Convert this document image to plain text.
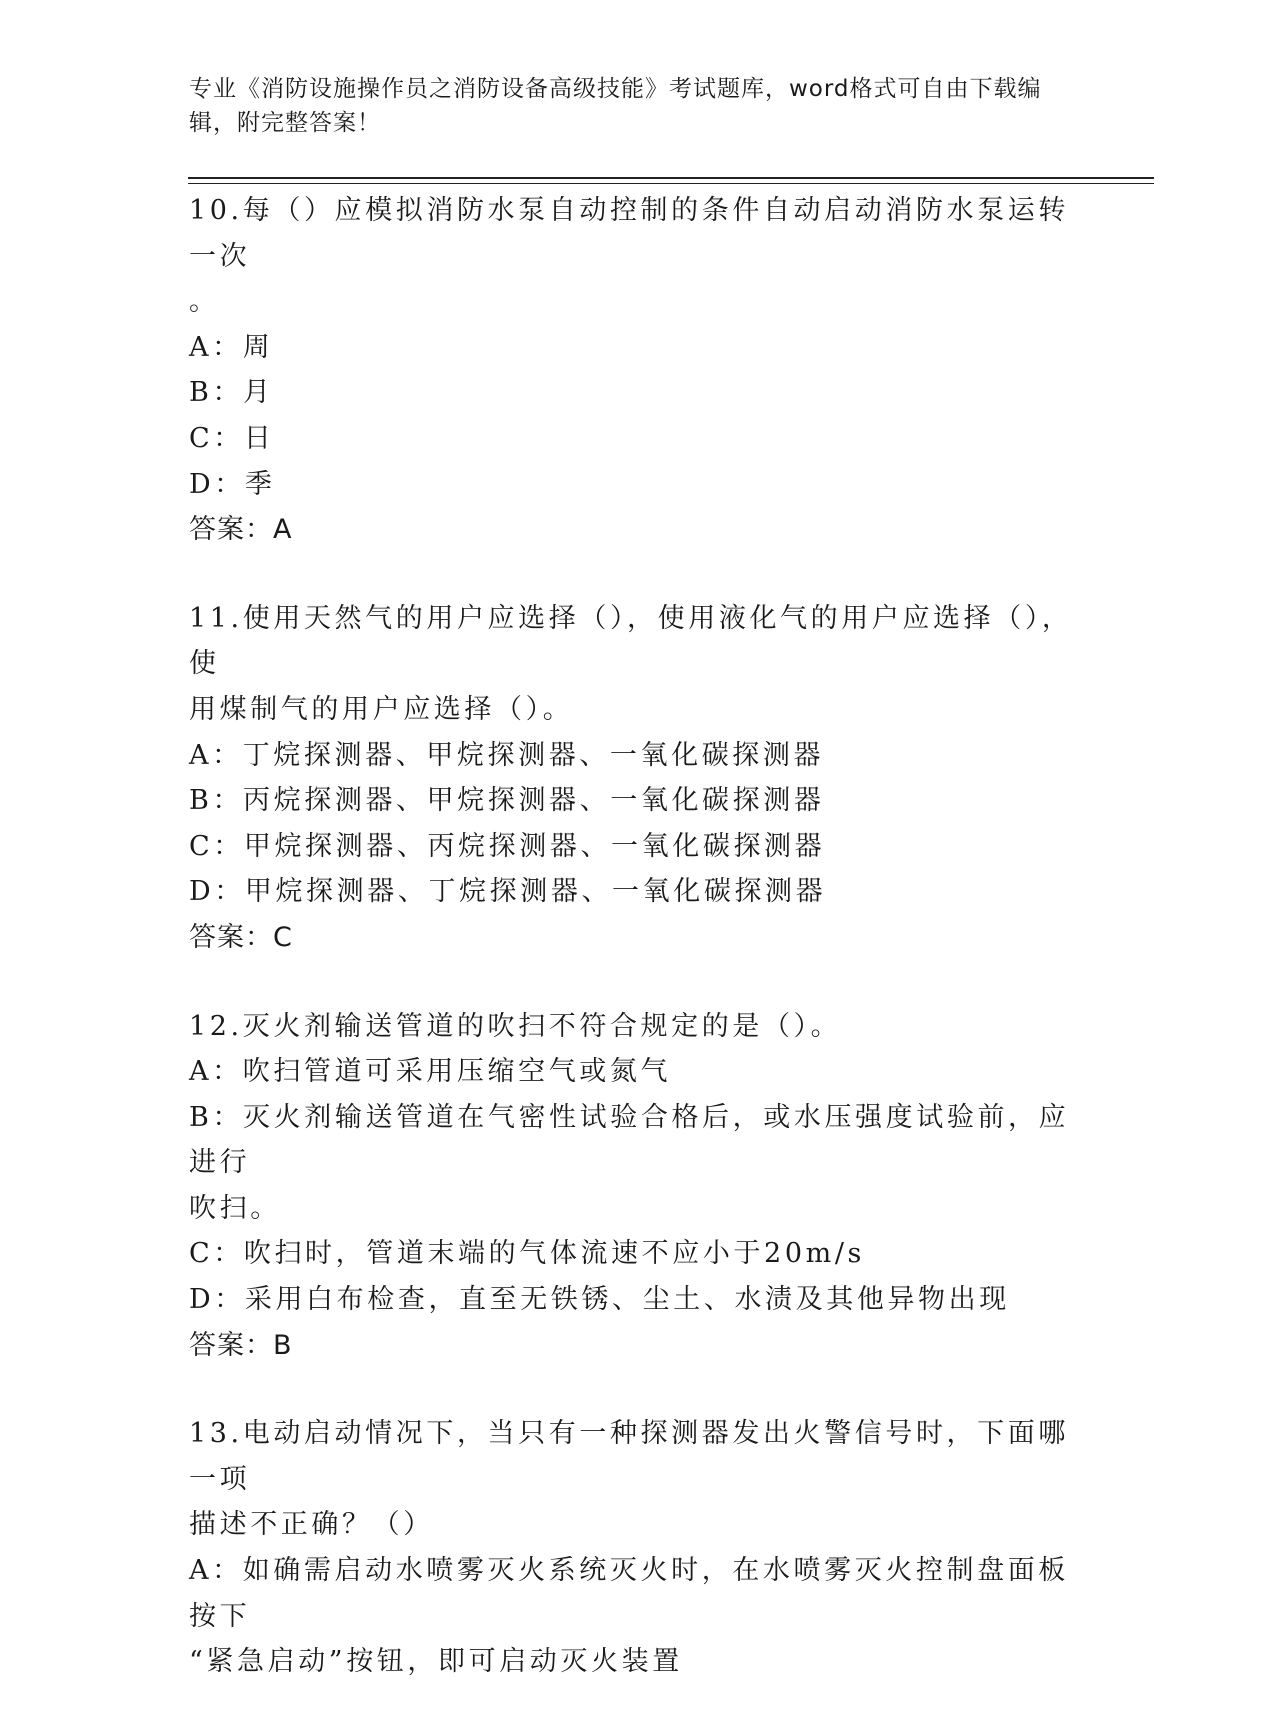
专业《消防设施操作员之消防设备高级技能》考试题库，word格式可自由下载编
辑，附完整答案！
10.每（）应模拟消防水泵自动控制的条件自动启动消防水泵运转一次
。
A：周
B：月
C：日
D：季
答案：A
11.使用天然气的用户应选择（），使用液化气的用户应选择（），使
用煤制气的用户应选择（）。
A：丁烷探测器、甲烷探测器、一氧化碳探测器
B：丙烷探测器、甲烷探测器、一氧化碳探测器
C：甲烷探测器、丙烷探测器、一氧化碳探测器
D：甲烷探测器、丁烷探测器、一氧化碳探测器
答案：C
12.灭火剂输送管道的吹扫不符合规定的是（）。
A：吹扫管道可采用压缩空气或氮气
B：灭火剂输送管道在气密性试验合格后，或水压强度试验前，应进行
吹扫。
C：吹扫时，管道末端的气体流速不应小于20m/s
D：采用白布检查，直至无铁锈、尘土、水渍及其他异物出现
答案：B
13.电动启动情况下，当只有一种探测器发出火警信号时，下面哪一项
描述不正确？（）
A：如确需启动水喷雾灭火系统灭火时，在水喷雾灭火控制盘面板按下
“紧急启动”按钮，即可启动灭火装置
